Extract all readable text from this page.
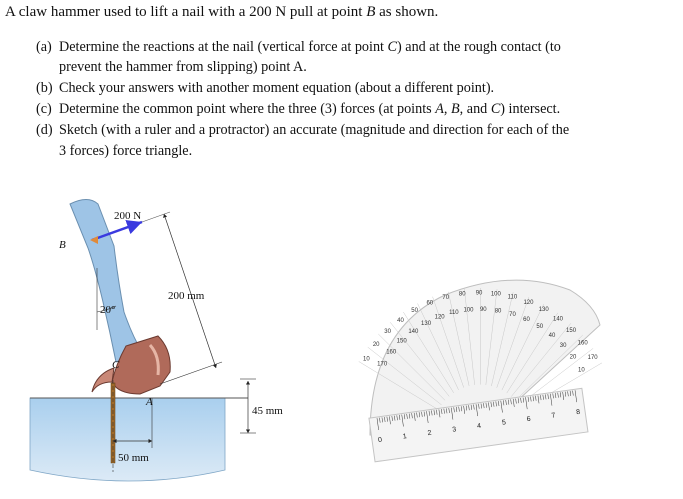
A claw hammer used to lift a nail with a 200 N pull at point B as shown.
(a) Determine the reactions at the nail (vertical force at point C) and at the rough contact (to
prevent the hammer from slipping) point A.
(b) Check your answers with another moment equation (about a different point).
(c) Determine the common point where the three (3) forces (at points A, B, and C) intersect.
(d) Sketch (with a ruler and a protractor) an accurate (magnitude and direction for each of the
3 forces) force triangle.
200 N
200 mm
45 mm
50 mm
20°
B
C
A
10
20
30
40
50
60
70
80 90 100
110
120
130
140
150
160
170
170
160
150
140
130
120
110 100 90 80
70
60
50
40
30
20
10
0	1	2	3	4	5	6	7	8
